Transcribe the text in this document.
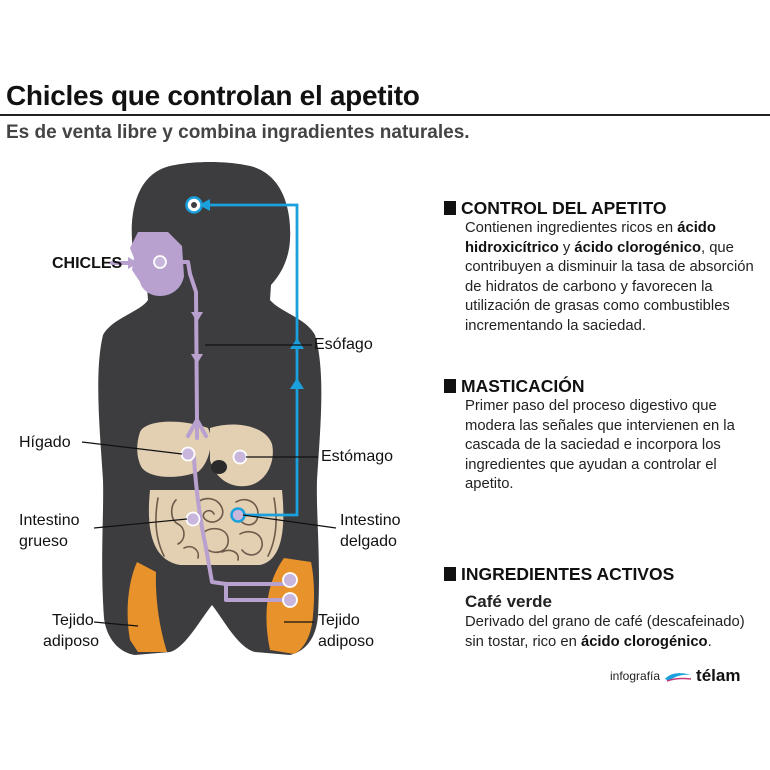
Chicles que controlan el apetito
Es de venta libre y combina ingradientes naturales.
CHICLES
Esófago
Hígado
Estómago
Intestino
grueso
Intestino
delgado
Tejido
adiposo
Tejido
adiposo
CONTROL DEL APETITO
Contienen ingredientes ricos en ácido hidroxicítrico y ácido clorogénico, que contribuyen a disminuir la tasa de absorción de hidratos de carbono y favorecen la utilización de grasas como combustibles incrementando la saciedad.
MASTICACIÓN
Primer paso del proceso digestivo que modera las señales que intervienen en la cascada de la saciedad e incorpora los ingredientes que ayudan a controlar el apetito.
INGREDIENTES ACTIVOS
Café verde
Derivado del grano de café (descafeinado) sin tostar, rico en ácido clorogénico.
infografía télam
